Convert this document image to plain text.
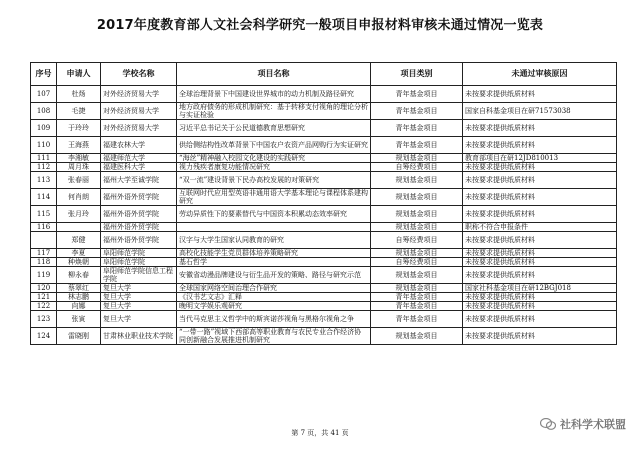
2017年度教育部人文社会科学研究一般项目申报材料审核未通过情况一览表
序号	申请人	学校名称	项目名称	项目类别	未通过审核原因
107	杜炀	对外经济贸易大学	全球治理背景下中国建设世界城市的动力机制及路径研究	青年基金项目	未按要求提供纸质材料
108	毛捷	对外经济贸易大学	地方政府债务的形成机制研究：基于转移支付视角的理论分析与实证检验	青年基金项目	国家自科基金项目在研71573038
109	于玲玲	对外经济贸易大学	习近平总书记关于公民道德教育思想研究	青年基金项目	未按要求提供纸质材料
110	王海燕	福建农林大学	供给侧结构性改革背景下中国农户农资产品网购行为实证研究	青年基金项目	未按要求提供纸质材料
111	李湘敏	福建师范大学	“海丝”精神融入校园文化建设的实践研究	规划基金项目	教育部项目在研12JD810013
112	周月珠	福建医科大学	视力残疾者康复功能情况研究	自筹经费项目	未按要求提供纸质材料
113	张春丽	福州大学至诚学院	“双一流”建设背景下民办高校发展的对策研究	规划基金项目	未按要求提供纸质材料
114	何肖朗	福州外语外贸学院	互联网时代应用型英语非通用语大学基本理论与课程体系建构研究	规划基金项目	未按要求提供纸质材料
115	张月玲	福州外语外贸学院	劳动异质性下的要素替代与中国资本积累动态效率研究	规划基金项目	未按要求提供纸质材料
116		福州外语外贸学院		规划基金项目	职称不符合申报条件
	郑健	福州外语外贸学院	汉字与大学生国家认同教育的研究	自筹经费项目	未按要求提供纸质材料
117	李夏	阜阳师范学院	高校化技能学生党员群体培养策略研究	规划基金项目	未按要求提供纸质材料
118	种焕朝	阜阳师范学院	基石哲学	自筹经费项目	未按要求提供纸质材料
119	柳永春	阜阳师范学院信息工程学院	安徽省动漫品牌建设与衍生品开发的策略、路径与研究示范	规划基金项目	未按要求提供纸质材料
120	蔡翠红	复旦大学	全球国家网络空间治理合作研究	规划基金项目	国家社科基金项目在研12BGJ018
121	林志鹏	复旦大学	《汉书艺文志》汇释	青年基金项目	未按要求提供纸质材料
122	向娜	复旦大学	晚明文学娱乐观研究	青年基金项目	未按要求提供纸质材料
123	张寅	复旦大学	当代马克思主义哲学中的斯宾诺莎视角与黑格尔视角之争	青年基金项目	未按要求提供纸质材料
124	雷晓刚	甘肃林业职业技术学院	“一带一路”视域下西部高等职业教育与农民专业合作经济协同创新融合发展推进机制研究	规划基金项目	未按要求提供纸质材料
第 7 页，共 41 页
社科学术联盟
